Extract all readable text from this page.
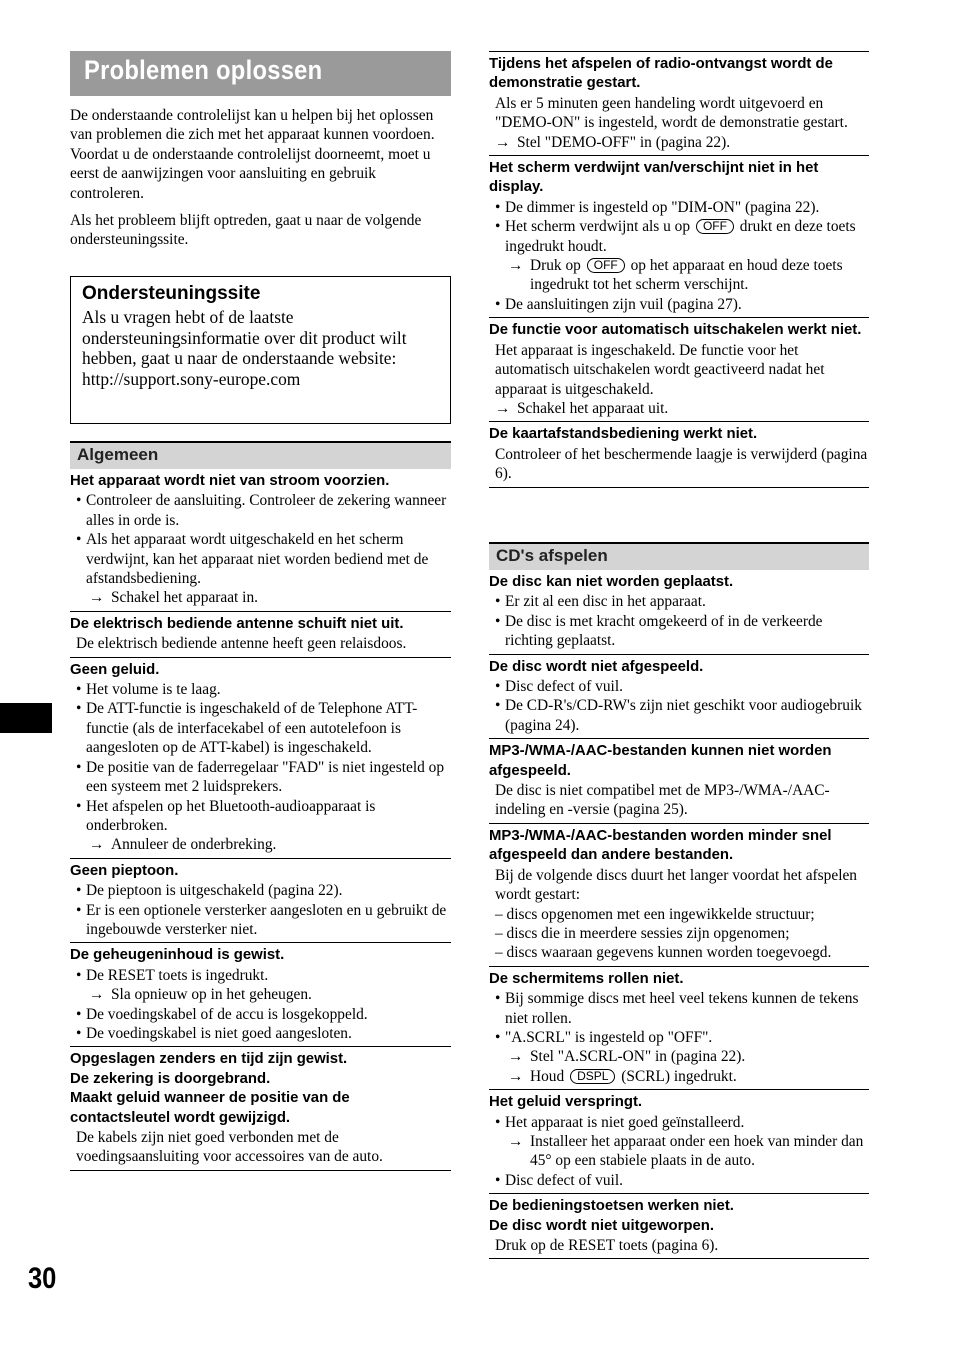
Problemen oplossen

De onderstaande controlelijst kan u helpen bij het oplossen van problemen die zich met het apparaat kunnen voordoen.

Voordat u de onderstaande controlelijst doorneemt, moet u eerst de aanwijzingen voor aansluiting en gebruik controleren.

Als het probleem blijft optreden, gaat u naar de volgende ondersteuningssite.

Ondersteuningssite
Als u vragen hebt of de laatste ondersteuningsinformatie over dit product wilt hebben, gaat u naar de onderstaande website:
http://support.sony-europe.com
Algemeen
Het apparaat wordt niet van stroom voorzien.
• Controleer de aansluiting. Controleer de zekering wanneer alles in orde is.
• Als het apparaat wordt uitgeschakeld en het scherm verdwijnt, kan het apparaat niet worden bediend met de afstandsbediening.
→ Schakel het apparaat in.
De elektrisch bediende antenne schuift niet uit.
De elektrisch bediende antenne heeft geen relaisdoos.
Geen geluid.
• Het volume is te laag.
• De ATT-functie is ingeschakeld of de Telephone ATT-functie (als de interfacekabel of een autotelefoon is aangesloten op de ATT-kabel) is ingeschakeld.
• De positie van de faderregelaar "FAD" is niet ingesteld op een systeem met 2 luidsprekers.
• Het afspelen op het Bluetooth-audioapparaat is onderbroken.
→ Annuleer de onderbreking.
Geen pieptoon.
• De pieptoon is uitgeschakeld (pagina 22).
• Er is een optionele versterker aangesloten en u gebruikt de ingebouwde versterker niet.
De geheugeninhoud is gewist.
• De RESET toets is ingedrukt.
→ Sla opnieuw op in het geheugen.
• De voedingskabel of de accu is losgekoppeld.
• De voedingskabel is niet goed aangesloten.
Opgeslagen zenders en tijd zijn gewist.
De zekering is doorgebrand.
Maakt geluid wanneer de positie van de contactsleutel wordt gewijzigd.
De kabels zijn niet goed verbonden met de voedingsaansluiting voor accessoires van de auto.
Tijdens het afspelen of radio-ontvangst wordt de demonstratie gestart.
Als er 5 minuten geen handeling wordt uitgevoerd en "DEMO-ON" is ingesteld, wordt de demonstratie gestart.
→ Stel "DEMO-OFF" in (pagina 22).
Het scherm verdwijnt van/verschijnt niet in het display.
• De dimmer is ingesteld op "DIM-ON" (pagina 22).
• Het scherm verdwijnt als u op OFF drukt en deze toets ingedrukt houdt.
→ Druk op OFF op het apparaat en houd deze toets ingedrukt tot het scherm verschijnt.
• De aansluitingen zijn vuil (pagina 27).
De functie voor automatisch uitschakelen werkt niet.
Het apparaat is ingeschakeld. De functie voor het automatisch uitschakelen wordt geactiveerd nadat het apparaat is uitgeschakeld.
→ Schakel het apparaat uit.
De kaartafstandsbediening werkt niet.
Controleer of het beschermende laagje is verwijderd (pagina 6).
CD's afspelen
De disc kan niet worden geplaatst.
• Er zit al een disc in het apparaat.
• De disc is met kracht omgekeerd of in de verkeerde richting geplaatst.
De disc wordt niet afgespeeld.
• Disc defect of vuil.
• De CD-R's/CD-RW's zijn niet geschikt voor audiogebruik (pagina 24).
MP3-/WMA-/AAC-bestanden kunnen niet worden afgespeeld.
De disc is niet compatibel met de MP3-/WMA-/AAC-indeling en -versie (pagina 25).
MP3-/WMA-/AAC-bestanden worden minder snel afgespeeld dan andere bestanden.
Bij de volgende discs duurt het langer voordat het afspelen wordt gestart:
– discs opgenomen met een ingewikkelde structuur;
– discs die in meerdere sessies zijn opgenomen;
– discs waaraan gegevens kunnen worden toegevoegd.
De schermitems rollen niet.
• Bij sommige discs met heel veel tekens kunnen de tekens niet rollen.
• "A.SCRL" is ingesteld op "OFF".
→ Stel "A.SCRL-ON" in (pagina 22).
→ Houd DSPL (SCRL) ingedrukt.
Het geluid verspringt.
• Het apparaat is niet goed geïnstalleerd.
→ Installeer het apparaat onder een hoek van minder dan 45° op een stabiele plaats in de auto.
• Disc defect of vuil.
De bedieningstoetsen werken niet.
De disc wordt niet uitgeworpen.
Druk op de RESET toets (pagina 6).
30
